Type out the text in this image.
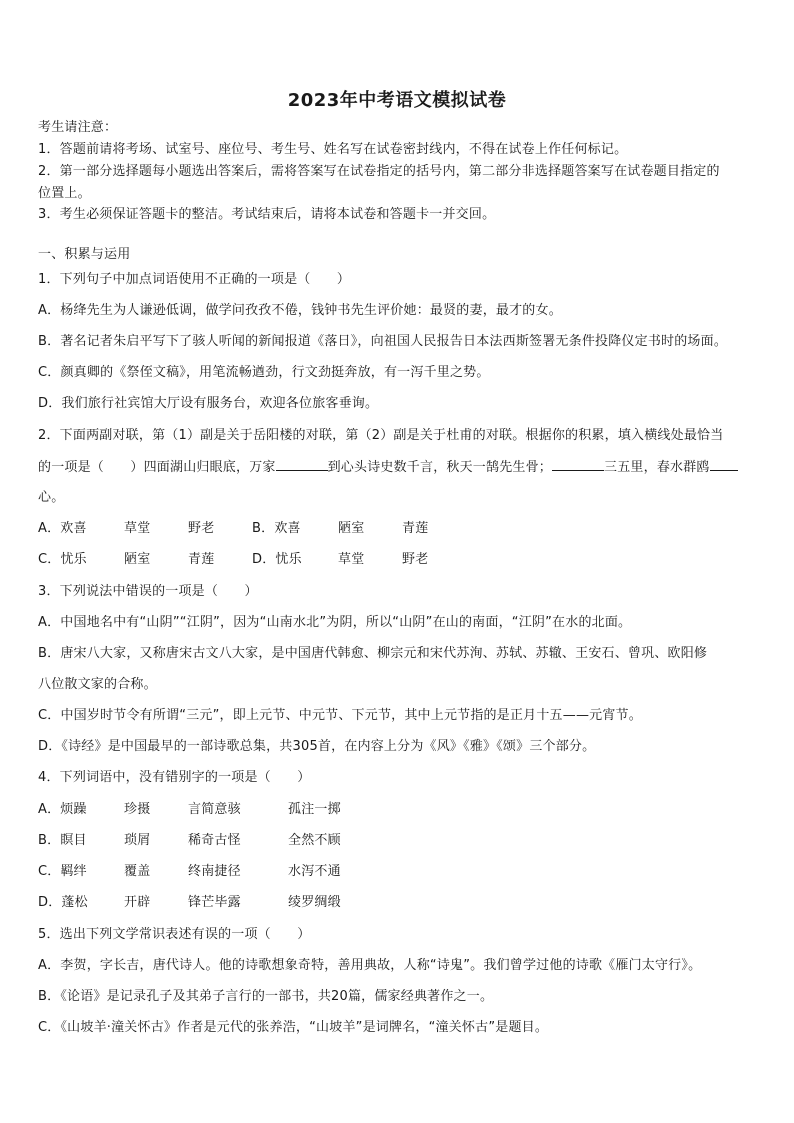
2023年中考语文模拟试卷
考生请注意：
1．答题前请将考场、试室号、座位号、考生号、姓名写在试卷密封线内，不得在试卷上作任何标记。
2．第一部分选择题每小题选出答案后，需将答案写在试卷指定的括号内，第二部分非选择题答案写在试卷题目指定的
位置上。
3．考生必须保证答题卡的整洁。考试结束后，请将本试卷和答题卡一并交回。
一、积累与运用
1．下列句子中加点词语使用不正确的一项是（　　）
A．杨绛先生为人谦逊低调，做学问孜孜不倦，钱钟书先生评价她：最贤的妻，最才的女。
B．著名记者朱启平写下了骇人听闻的新闻报道《落日》，向祖国人民报告日本法西斯签署无条件投降仪定书时的场面。
C．颜真卿的《祭侄文稿》，用笔流畅遒劲，行文劲挺奔放，有一泻千里之势。
D．我们旅行社宾馆大厅设有服务台，欢迎各位旅客垂询。
2．下面两副对联，第（1）副是关于岳阳楼的对联，第（2）副是关于杜甫的对联。根据你的积累，填入横线处最恰当
的一项是（　　）四面湖山归眼底，万家	到心头诗史数千言，秋天一鹄先生骨；	三五里，春水群鸥
心。
A．欢喜	草堂	野老	B．欢喜	陋室	青莲
C．忧乐	陋室	青莲	D．忧乐	草堂	野老
3．下列说法中错误的一项是（　　）
A．中国地名中有“山阴”“江阴”，因为“山南水北”为阴，所以“山阴”在山的南面，“江阴”在水的北面。
B．唐宋八大家，又称唐宋古文八大家，是中国唐代韩愈、柳宗元和宋代苏洵、苏轼、苏辙、王安石、曾巩、欧阳修
八位散文家的合称。
C．中国岁时节令有所谓“三元”，即上元节、中元节、下元节，其中上元节指的是正月十五——元宵节。
D．《诗经》是中国最早的一部诗歌总集，共305首，在内容上分为《风》《雅》《颂》三个部分。
4．下列词语中，没有错别字的一项是（　　）
A．烦躁	珍摄	言简意骇	孤注一掷
B．瞑目	琐屑	稀奇古怪	全然不顾
C．羁绊	覆盖	终南捷径	水泻不通
D．蓬松	开辟	锋芒毕露	绫罗绸缎
5．选出下列文学常识表述有误的一项（　　）
A．李贺，字长吉，唐代诗人。他的诗歌想象奇特，善用典故，人称“诗鬼”。我们曾学过他的诗歌《雁门太守行》。
B．《论语》是记录孔子及其弟子言行的一部书，共20篇，儒家经典著作之一。
C．《山坡羊·潼关怀古》作者是元代的张养浩，“山坡羊”是词牌名，“潼关怀古”是题目。
